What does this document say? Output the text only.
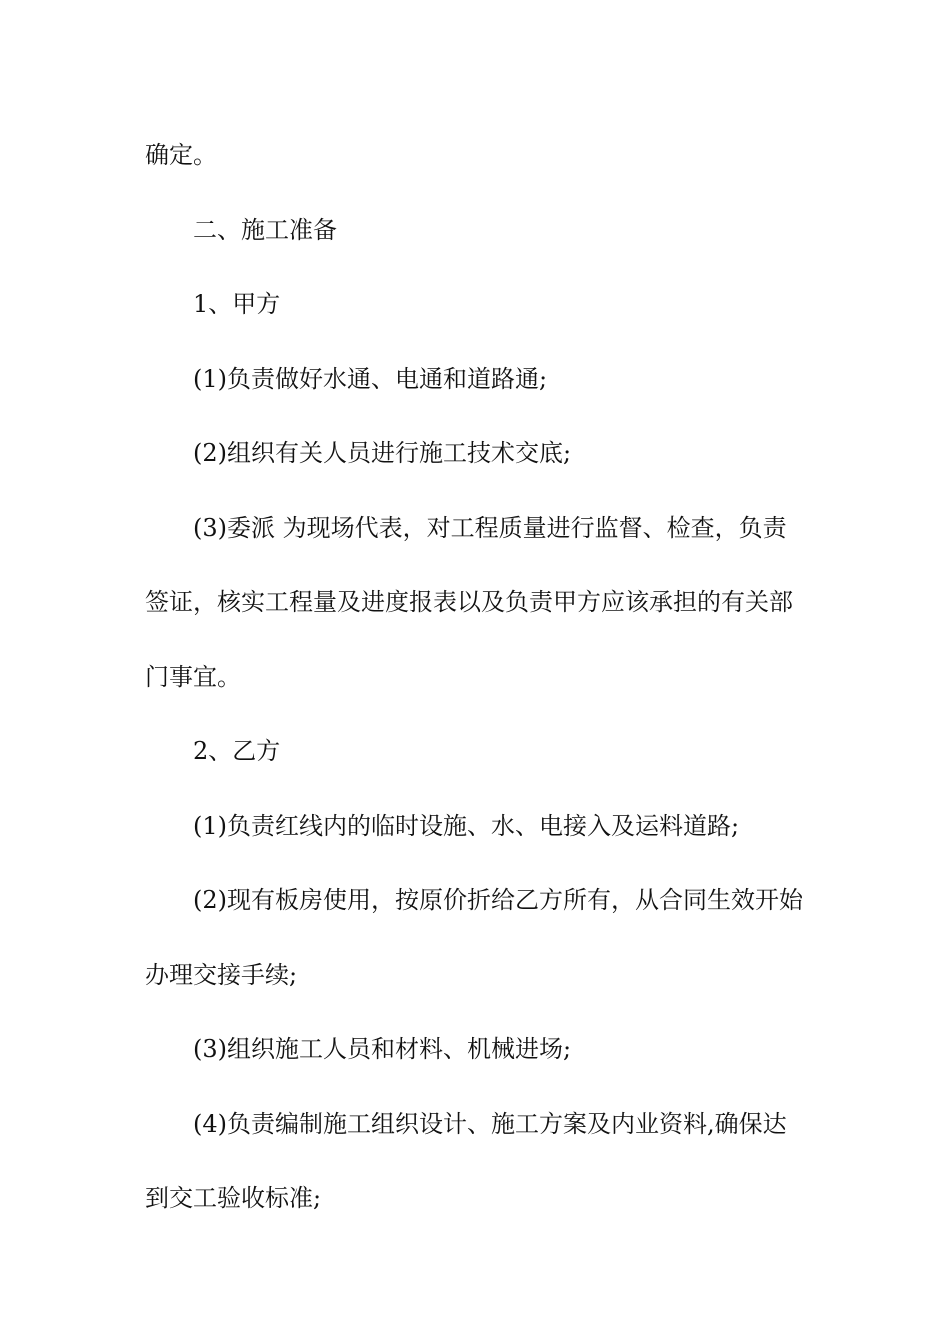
确定。

二、施工准备

1、甲方

(1)负责做好水通、电通和道路通;

(2)组织有关人员进行施工技术交底;

(3)委派 为现场代表，对工程质量进行监督、检查，负责签证，核实工程量及进度报表以及负责甲方应该承担的有关部门事宜。

2、乙方

(1)负责红线内的临时设施、水、电接入及运料道路;

(2)现有板房使用，按原价折给乙方所有，从合同生效开始办理交接手续;

(3)组织施工人员和材料、机械进场;

(4)负责编制施工组织设计、施工方案及内业资料,确保达到交工验收标准;
